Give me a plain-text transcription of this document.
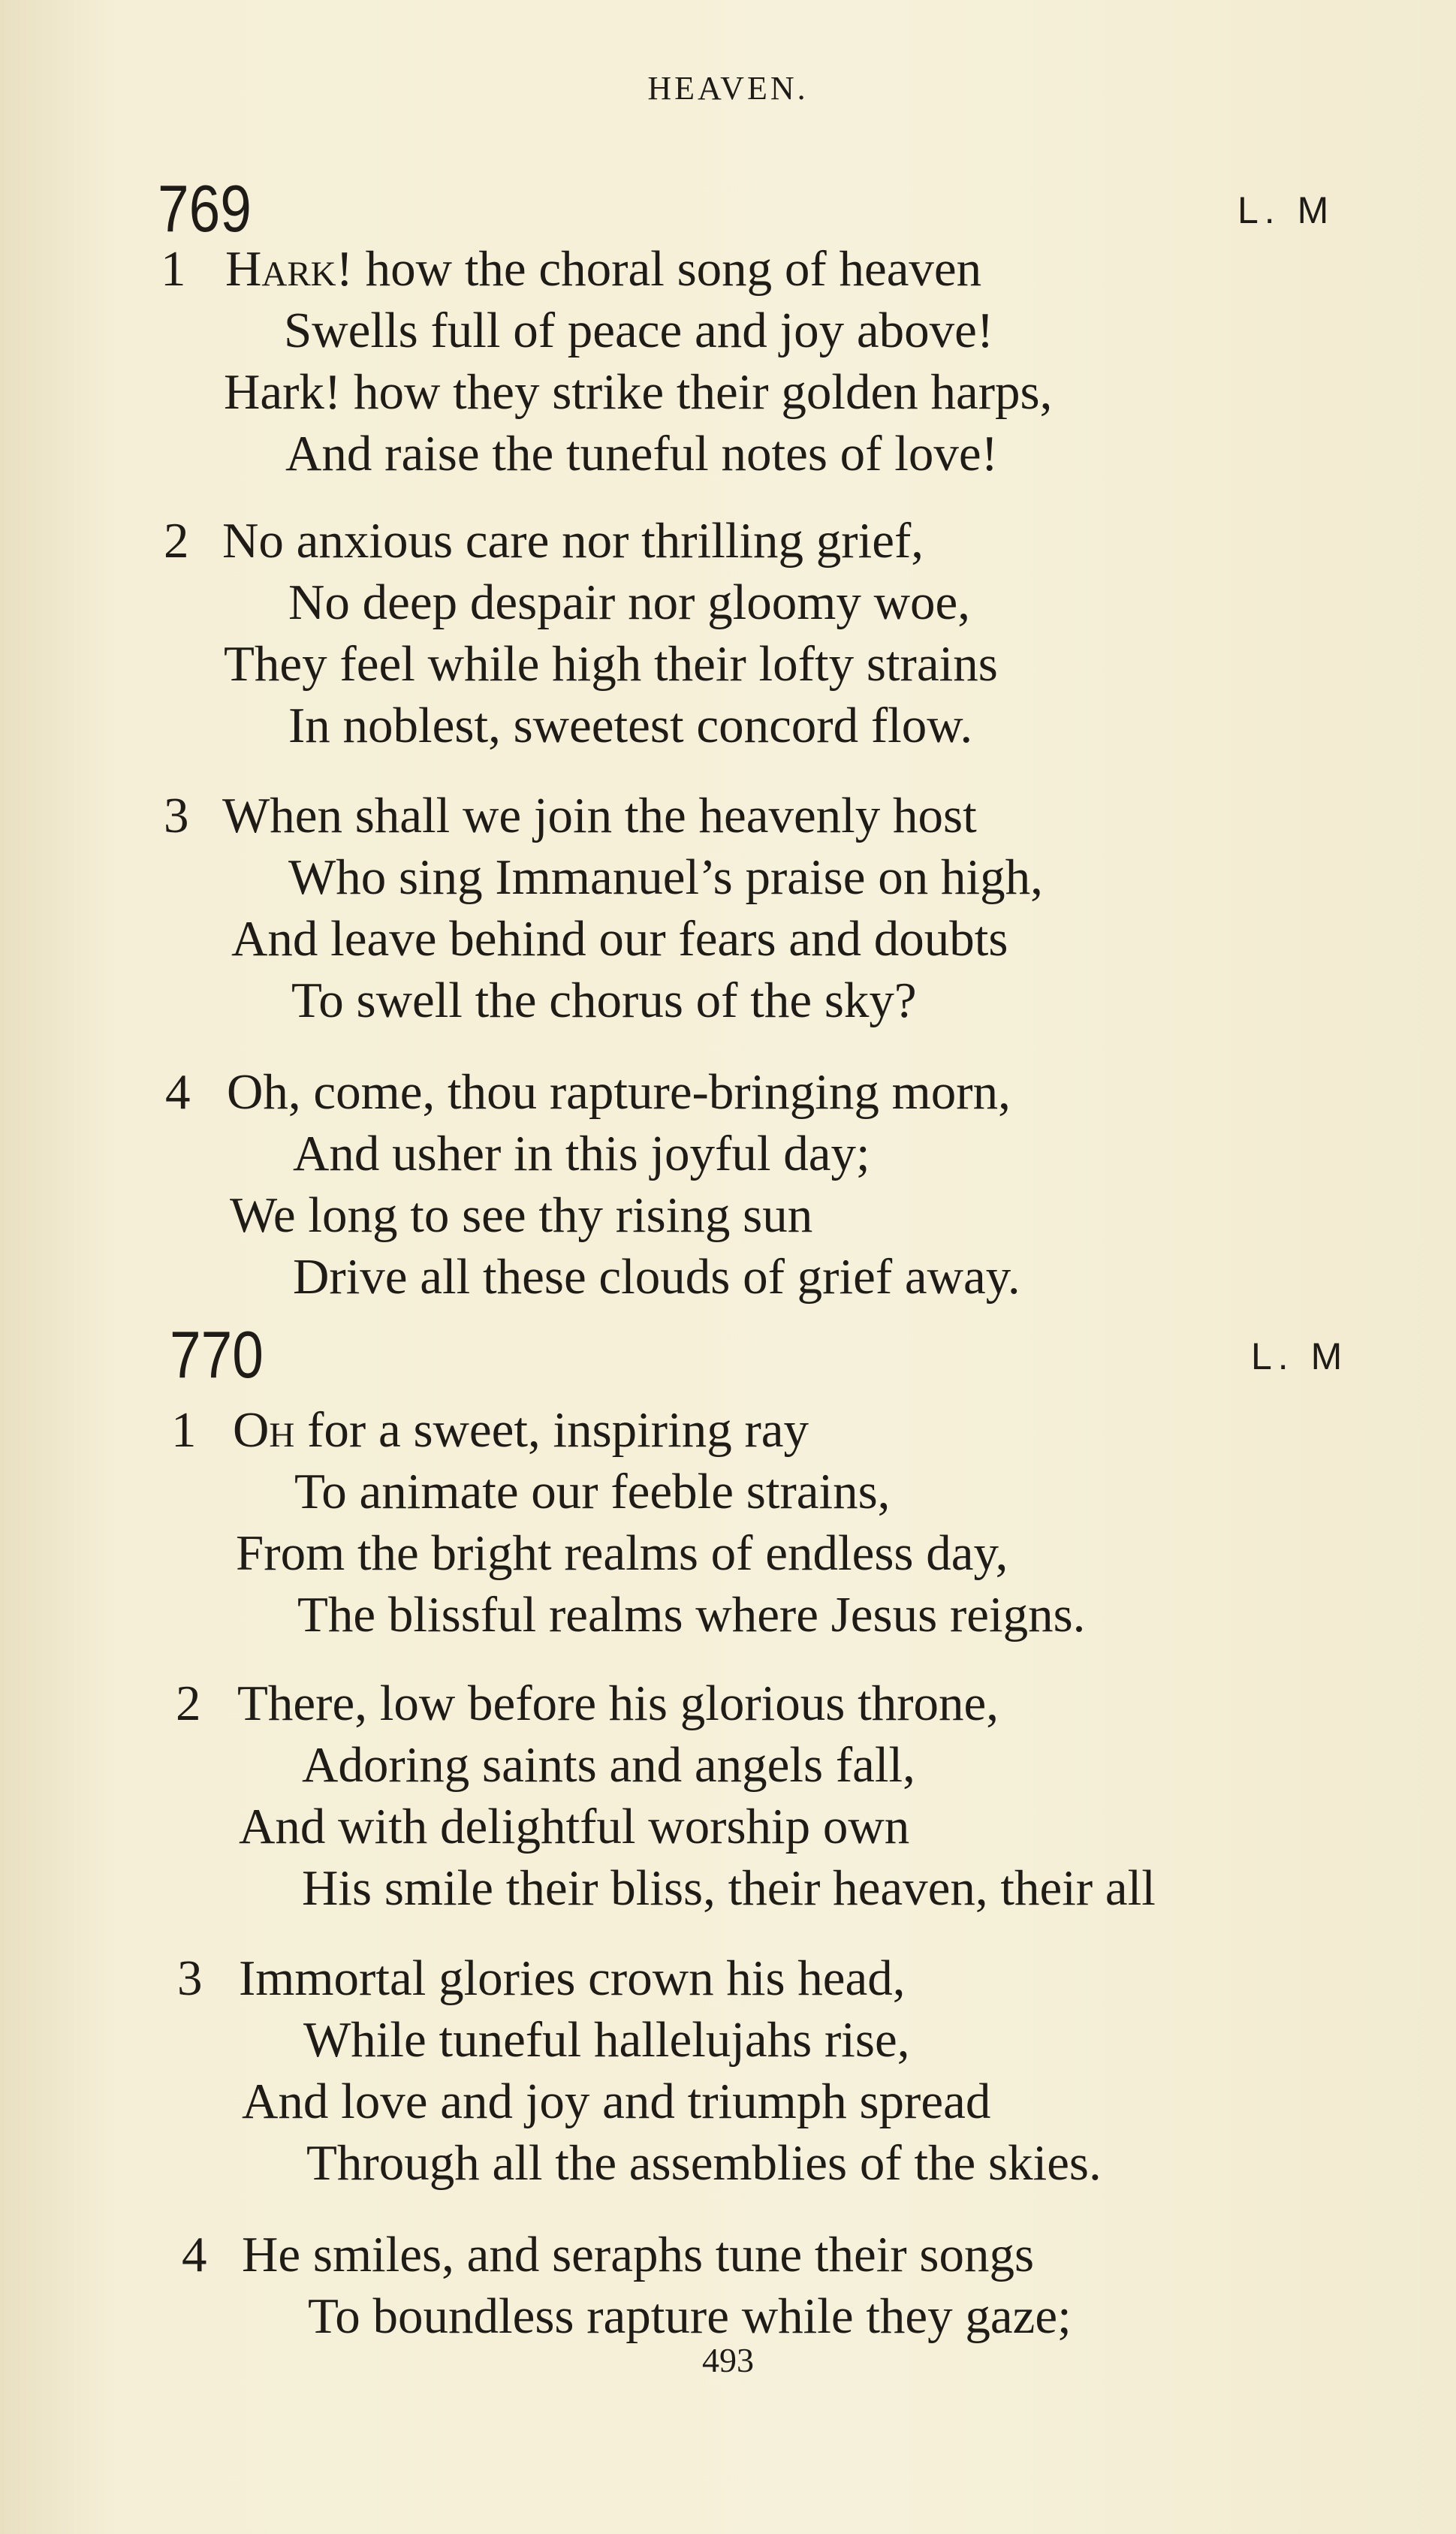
HEAVEN.
769	L. M
1 Hark! how the choral song of heaven
Swells full of peace and joy above!
Hark! how they strike their golden harps,
And raise the tuneful notes of love!
2 No anxious care nor thrilling grief,
No deep despair nor gloomy woe,
They feel while high their lofty strains
In noblest, sweetest concord flow.
3 When shall we join the heavenly host
Who sing Immanuel’s praise on high,
And leave behind our fears and doubts
To swell the chorus of the sky?
4 Oh, come, thou rapture-bringing morn,
And usher in this joyful day;
We long to see thy rising sun
Drive all these clouds of grief away.
770	L. M
1 Oh for a sweet, inspiring ray
To animate our feeble strains,
From the bright realms of endless day,
The blissful realms where Jesus reigns.
2 There, low before his glorious throne,
Adoring saints and angels fall,
And with delightful worship own
His smile their bliss, their heaven, their all
3 Immortal glories crown his head,
While tuneful hallelujahs rise,
And love and joy and triumph spread
Through all the assemblies of the skies.
4 He smiles, and seraphs tune their songs
To boundless rapture while they gaze;
493
